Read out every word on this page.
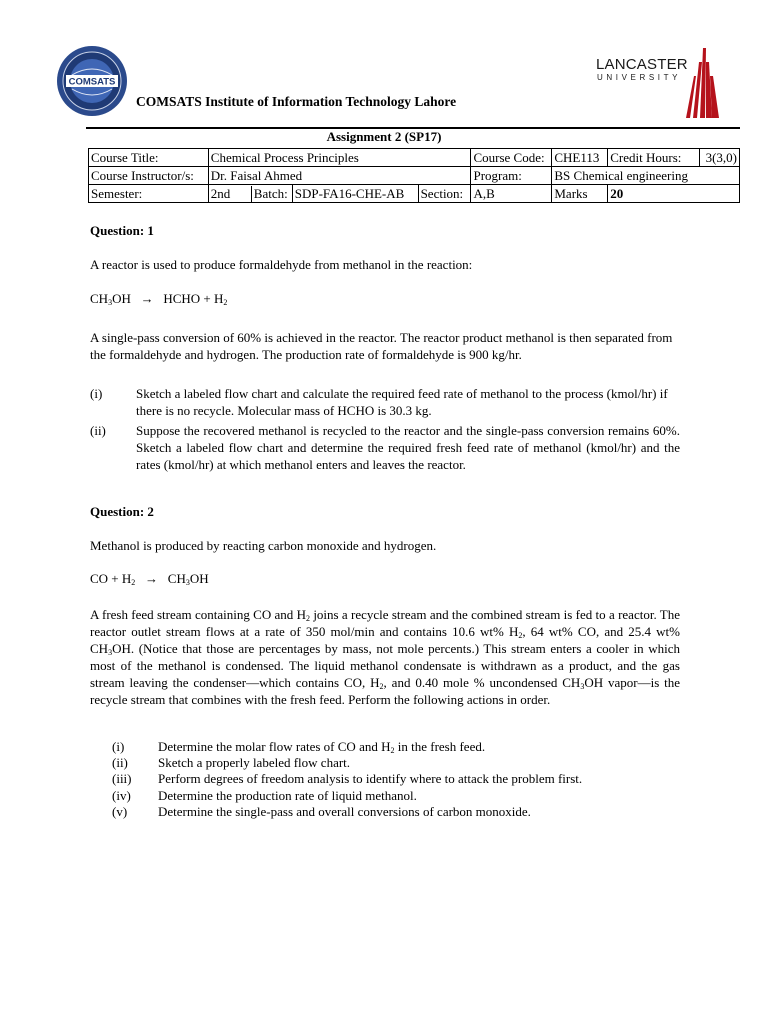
COMSATS
COMSATS Institute of Information Technology Lahore
LANCASTER
UNIVERSITY
Assignment 2 (SP17)
Course Title:	Chemical Process Principles			Course Code:	CHE113	Credit Hours:	3(3,0)
Course Instructor/s:	Dr. Faisal Ahmed			Program:	BS Chemical engineering		
Semester:	2nd Batch:	SDP-FA16-CHE-AB	Section:	A,B	Marks	20	
Question: 1
A reactor is used to produce formaldehyde from methanol in the reaction:
$CH_3OH$ → HCHO + $H_2$
A single-pass conversion of 60% is achieved in the reactor. The reactor product methanol is then separated from the formaldehyde and hydrogen. The production rate of formaldehyde is 900 kg/hr.
(i)	Sketch a labeled flow chart and calculate the required feed rate of methanol to the process (kmol/hr) if there is no recycle. Molecular mass of HCHO is 30.3 kg.
(ii) Suppose the recovered methanol is recycled to the reactor and the single-pass conversion remains 60%. Sketch a labeled flow chart and determine the required fresh feed rate of methanol (kmol/hr) and the rates (kmol/hr) at which methanol enters and leaves the reactor.
Question: 2
Methanol is produced by reacting carbon monoxide and hydrogen.
CO + $H_2 \to CH_3OH$
A fresh feed stream containing CO and $H_2$ joins a recycle stream and the combined stream is fed to a reactor. The reactor outlet stream flows at a rate of 350 mol/min and contains 10.6 wt% $H_2$, 64 wt% CO, and 25.4 wt% $CH_3OH$. (Notice that those are percentages by mass, not mole percents.) This stream enters a cooler in which most of the methanol is condensed. The liquid methanol condensate is withdrawn as a product, and the gas stream leaving the condenser—which contains CO, $H_2$, and 0.40 mole % uncondensed $CH_3OH$ vapor—is the recycle stream that combines with the fresh feed. Perform the following actions in order.
(i)	Determine the molar flow rates of CO and $H_2$ in the fresh feed.
(ii) Sketch a properly labeled flow chart.
(iii) Perform degrees of freedom analysis to identify where to attack the problem first.
(iv) Determine the production rate of liquid methanol.
(v) Determine the single-pass and overall conversions of carbon monoxide.
